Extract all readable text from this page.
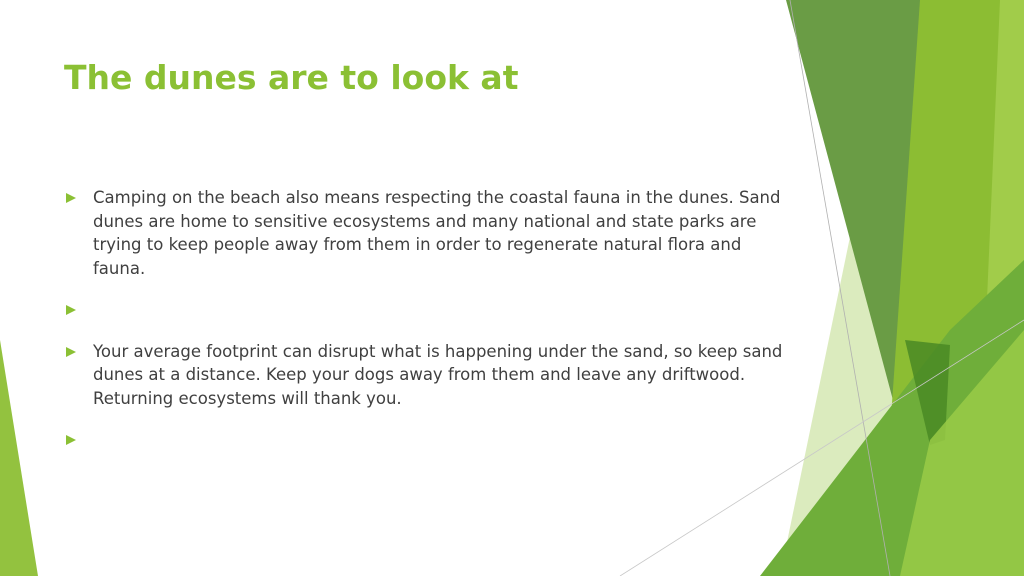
The dunes are to look at
Camping on the beach also means respecting the coastal fauna in the dunes. Sand dunes are home to sensitive ecosystems and many national and state parks are trying to keep people away from them in order to regenerate natural flora and fauna.
Your average footprint can disrupt what is happening under the sand, so keep sand dunes at a distance. Keep your dogs away from them and leave any driftwood. Returning ecosystems will thank you.
